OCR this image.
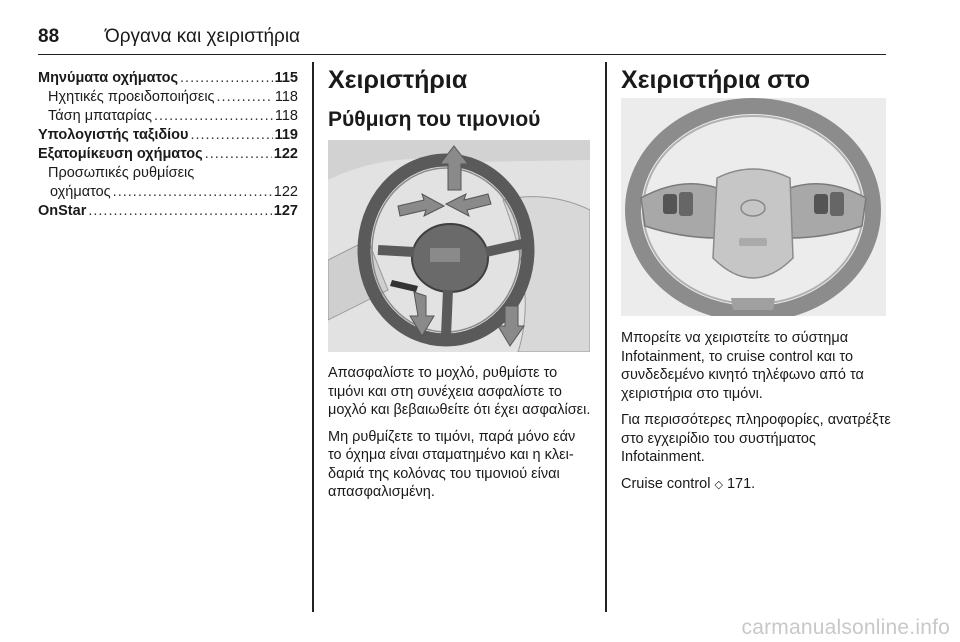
88 Όργανα και χειριστήρια
Μηνύματα οχήματος .....	115
Ηχητικές προειδοποιήσεις .....	118
Τάση μπαταρίας .....	118
Υπολογιστής ταξιδίου .....	119
Εξατομίκευση οχήματος .....	122
Προσωπικές ρυθμίσεις
οχήματος .....	122
OnStar .....	127
Χειριστήρια
Ρύθμιση του τιμονιού

Απασφαλίστε το μοχλό, ρυθμίστε το τιμόνι και στη συνέχεια ασφαλίστε το μοχλό και βεβαιωθείτε ότι έχει ασφαλίσει.

Μη ρυθμίζετε το τιμόνι, παρά μόνο εάν το όχημα είναι σταματημένο και η κλειδαριά της κολόνας του τιμονιού είναι απασφαλισμένη.

Χειριστήρια στο

Μπορείτε να χειριστείτε το σύστημα Infotainment, το cruise control και το συνδεδεμένο κινητό τηλέφωνο από τα χειριστήρια στο τιμόνι.

Για περισσότερες πληροφορίες, ανατρέξτε στο εγχειρίδιο του συστήματος Infotainment.

Cruise control ◇ 171.

carmanualsonline.info
